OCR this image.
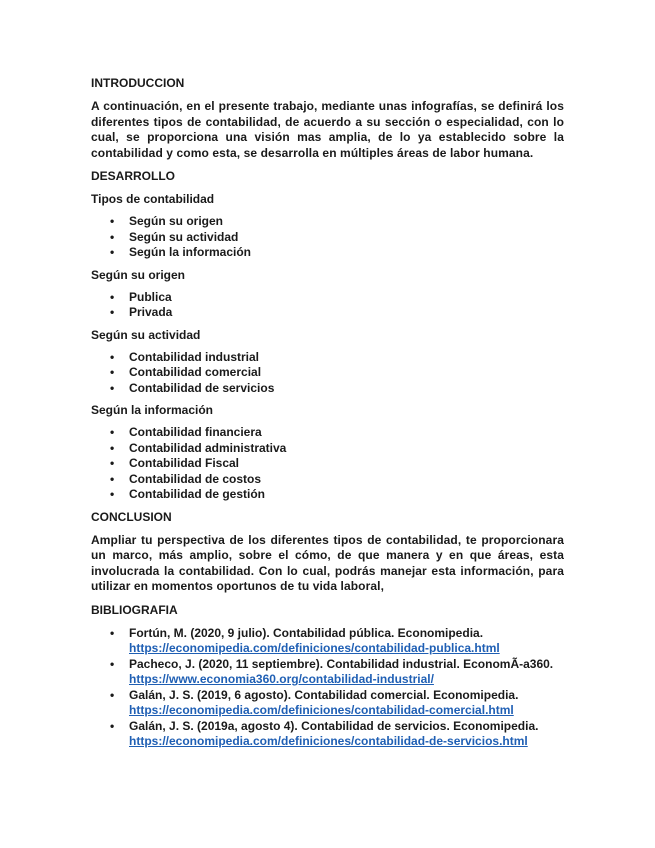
INTRODUCCION

A continuación, en el presente trabajo, mediante unas infografías, se definirá los diferentes tipos de contabilidad, de acuerdo a su sección o especialidad, con lo cual, se proporciona una visión mas amplia, de lo ya establecido sobre la contabilidad y como esta, se desarrolla en múltiples áreas de labor humana.

DESARROLLO
Tipos de contabilidad
• Según su origen
• Según su actividad
• Según la información
Según su origen
• Publica
• Privada
Según su actividad
• Contabilidad industrial
• Contabilidad comercial
• Contabilidad de servicios
Según la información
• Contabilidad financiera
• Contabilidad administrativa
• Contabilidad Fiscal
• Contabilidad de costos
• Contabilidad de gestión
CONCLUSION

Ampliar tu perspectiva de los diferentes tipos de contabilidad, te proporcionara un marco, más amplio, sobre el cómo, de que manera y en que áreas, esta involucrada la contabilidad. Con lo cual, podrás manejar esta información, para utilizar en momentos oportunos de tu vida laboral,

BIBLIOGRAFIA
• Fortún, M. (2020, 9 julio). Contabilidad pública. Economipedia.
https://economipedia.com/definiciones/contabilidad-publica.html
• Pacheco, J. (2020, 11 septiembre). Contabilidad industrial. EconomÃ-a360.
https://www.economia360.org/contabilidad-industrial/
• Galán, J. S. (2019, 6 agosto). Contabilidad comercial. Economipedia.
https://economipedia.com/definiciones/contabilidad-comercial.html
• Galán, J. S. (2019a, agosto 4). Contabilidad de servicios. Economipedia.
https://economipedia.com/definiciones/contabilidad-de-servicios.html
